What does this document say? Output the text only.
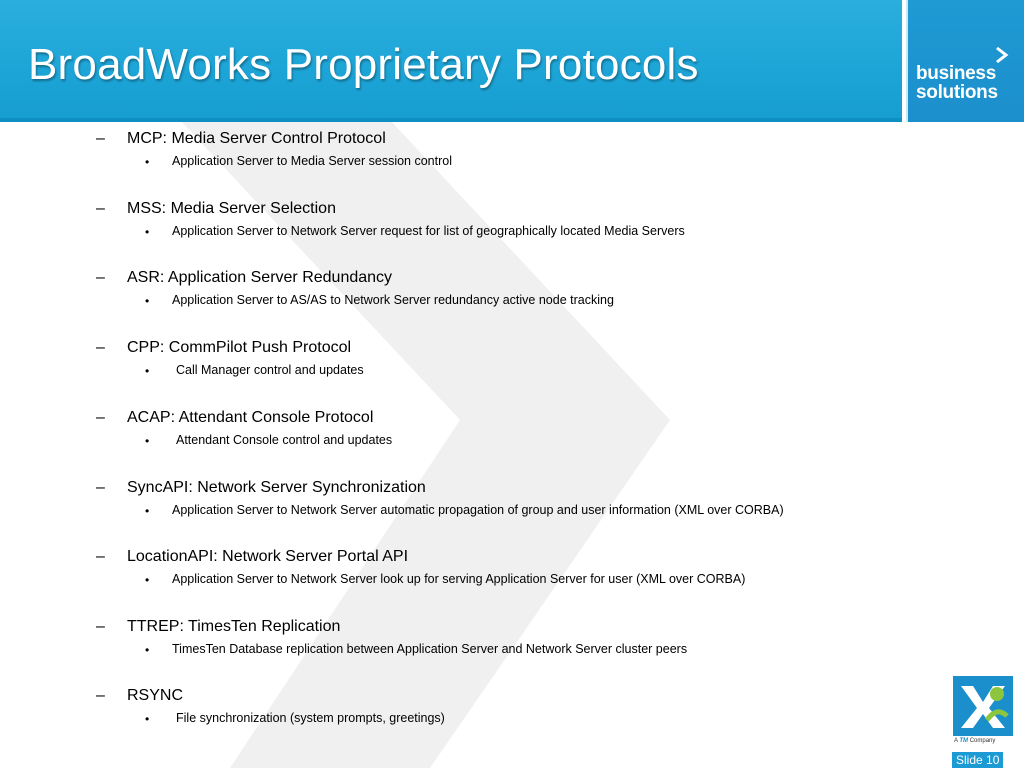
BroadWorks Proprietary Protocols	business
solutions
– MCP: Media Server Control Protocol
• Application Server to Media Server session control
– MSS: Media Server Selection
• Application Server to Network Server request for list of geographically located Media Servers
– ASR: Application Server Redundancy
• Application Server to AS/AS to Network Server redundancy active node tracking
– CPP: CommPilot Push Protocol
• Call Manager control and updates
– ACAP: Attendant Console Protocol
• Attendant Console control and updates
– SyncAPI: Network Server Synchronization
• Application Server to Network Server automatic propagation of group and user information (XML over CORBA)
– LocationAPI: Network Server Portal API
• Application Server to Network Server look up for serving Application Server for user (XML over CORBA)
– TTREP: TimesTen Replication
• TimesTen Database replication between Application Server and Network Server cluster peers
– RSYNC
• File synchronization (system prompts, greetings)
A TM Company
Slide 10
